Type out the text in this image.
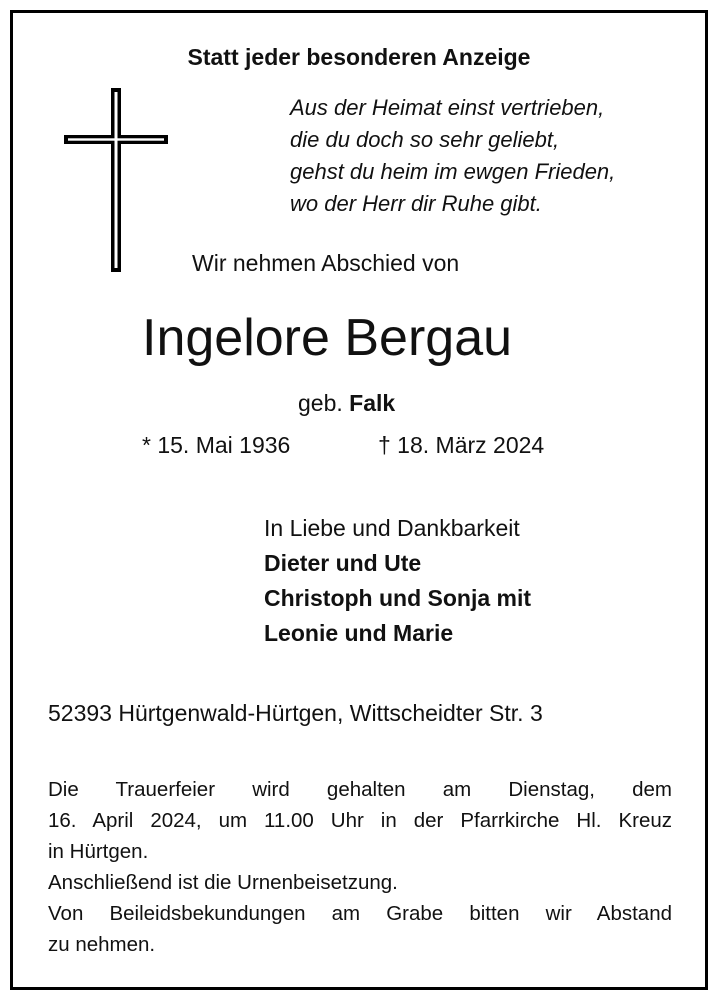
Statt jeder besonderen Anzeige
Aus der Heimat einst vertrieben,
die du doch so sehr geliebt,
gehst du heim im ewgen Frieden,
wo der Herr dir Ruhe gibt.
Wir nehmen Abschied von
Ingelore Bergau
geb. Falk
* 15. Mai 1936	† 18. März 2024
In Liebe und Dankbarkeit
Dieter und Ute
Christoph und Sonja mit
Leonie und Marie
52393 Hürtgenwald-Hürtgen, Wittscheidter Str. 3
Die Trauerfeier wird gehalten am Dienstag, dem
16. April 2024, um 11.00 Uhr in der Pfarrkirche Hl. Kreuz
in Hürtgen.
Anschließend ist die Urnenbeisetzung.
Von Beileidsbekundungen am Grabe bitten wir Abstand
zu nehmen.
